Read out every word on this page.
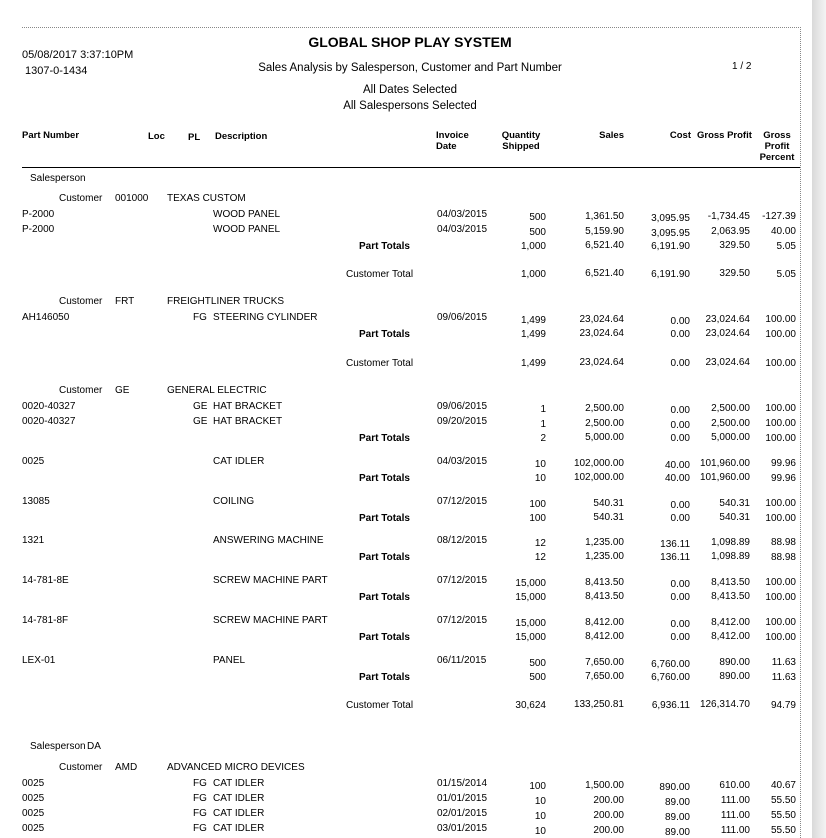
05/08/2017 3:37:10PM
1307-0-1434
GLOBAL SHOP PLAY SYSTEM
Sales Analysis by Salesperson, Customer and Part Number	1 / 2
All Dates Selected
All Salespersons Selected
Part Number	Loc PL Description	Invoice
Date
Quantity
Shipped
Sales	Cost Gross Profit	Gross
Profit
Percent
Salesperson
Customer 001000 TEXAS CUSTOM
P-2000	WOOD PANEL	04/03/2015	500	1,361.50	3,095.95	-1,734.45	-127.39
P-2000	WOOD PANEL	04/03/2015	500	5,159.90	3,095.95	2,063.95	40.00
Part Totals	1,000	6,521.40	6,191.90	329.50	5.05
Customer Total	1,000	6,521.40	6,191.90	329.50	5.05
Customer FRT	FREIGHTLINER TRUCKS
AH146050	FG STEERING CYLINDER	09/06/2015	1,499	23,024.64	0.00	23,024.64	100.00
Part Totals	1,499	23,024.64	0.00	23,024.64	100.00
Customer Total	1,499	23,024.64	0.00	23,024.64	100.00
Customer GE	GENERAL ELECTRIC
0020-40327	GE HAT BRACKET	09/06/2015	1	2,500.00	0.00	2,500.00	100.00
0020-40327	GE HAT BRACKET	09/20/2015	1	2,500.00	0.00	2,500.00	100.00
Part Totals	2	5,000.00	0.00	5,000.00	100.00
0025	CAT IDLER	04/03/2015	10	102,000.00	40.00 101,960.00	99.96
Part Totals	10	102,000.00	40.00 101,960.00	99.96
13085	COILING	07/12/2015	100	540.31	0.00	540.31	100.00
Part Totals	100	540.31	0.00	540.31	100.00
1321	ANSWERING MACHINE	08/12/2015	12	1,235.00	136.11	1,098.89	88.98
Part Totals	12	1,235.00	136.11	1,098.89	88.98
14-781-8E	SCREW MACHINE PART	07/12/2015	15,000	8,413.50	0.00	8,413.50	100.00
Part Totals	15,000	8,413.50	0.00	8,413.50	100.00
14-781-8F	SCREW MACHINE PART	07/12/2015	15,000	8,412.00	0.00	8,412.00	100.00
Part Totals	15,000	8,412.00	0.00	8,412.00	100.00
LEX-01	PANEL	06/11/2015	500	7,650.00	6,760.00	890.00	11.63
Part Totals	500	7,650.00	6,760.00	890.00	11.63
Customer Total	30,624	133,250.81	6,936.11 126,314.70	94.79
Salesperson DA
Customer AMD	ADVANCED MICRO DEVICES
0025	FG CAT IDLER	01/15/2014	100	1,500.00	890.00	610.00	40.67
0025	FG CAT IDLER	01/01/2015	10	200.00	89.00	111.00	55.50
0025	FG CAT IDLER	02/01/2015	10	200.00	89.00	111.00	55.50
0025	FG CAT IDLER	03/01/2015	10	200.00	89.00	111.00	55.50
